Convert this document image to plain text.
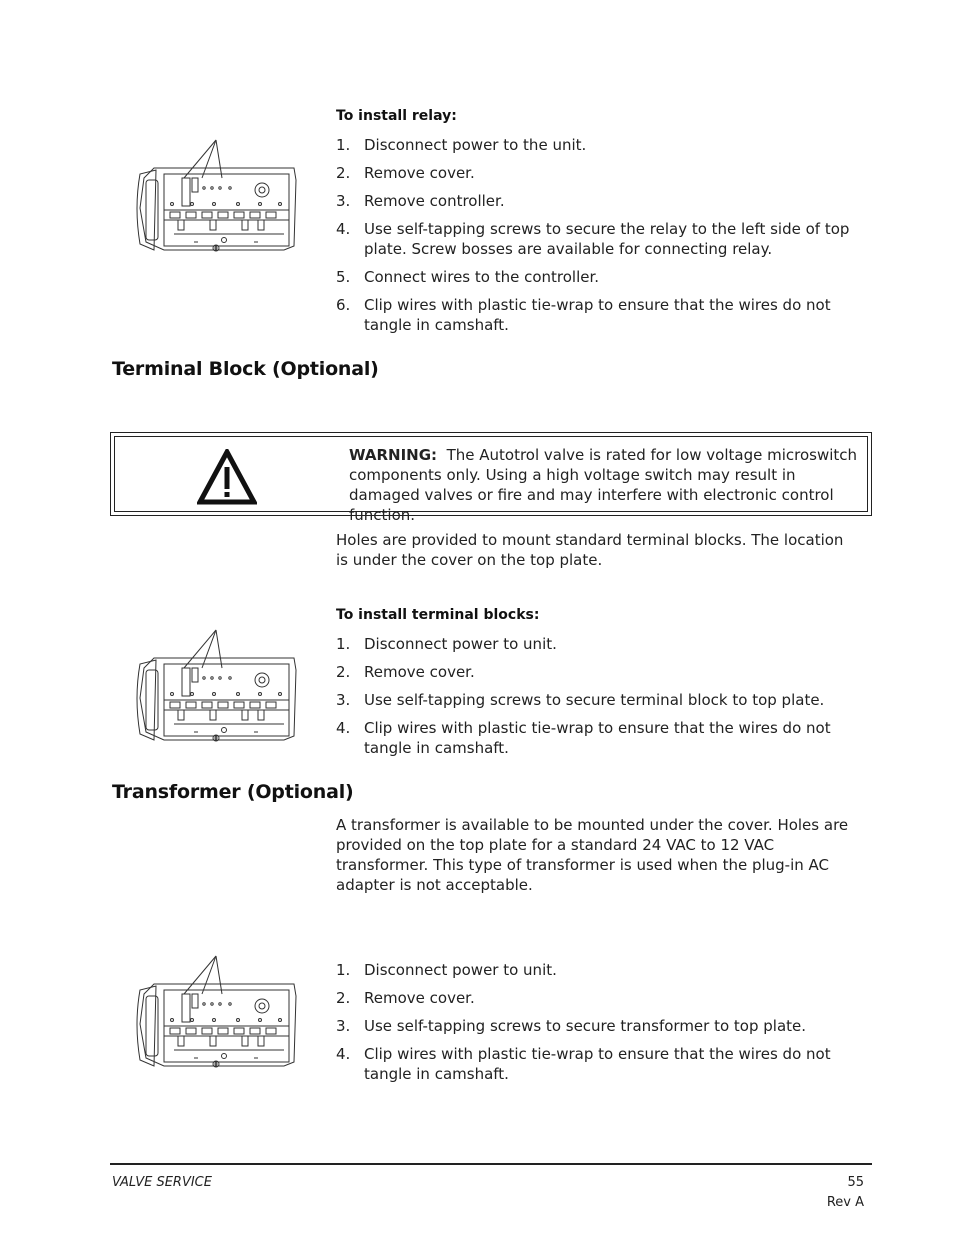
To install relay:
1. Disconnect power to the unit.
2. Remove cover.
3. Remove controller.
4. Use self-tapping screws to secure the relay to the left side of top plate. Screw bosses are available for connecting relay.
5. Connect wires to the controller.
6. Clip wires with plastic tie-wrap to ensure that the wires do not tangle in camshaft.
Terminal Block (Optional)
WARNING: The Autotrol valve is rated for low voltage microswitch components only. Using a high voltage switch may result in damaged valves or fire and may interfere with electronic control function.
Holes are provided to mount standard terminal blocks. The location is under the cover on the top plate.
To install terminal blocks:
1. Disconnect power to unit.
2. Remove cover.
3. Use self-tapping screws to secure terminal block to top plate.
4. Clip wires with plastic tie-wrap to ensure that the wires do not tangle in camshaft.
Transformer (Optional)
A transformer is available to be mounted under the cover. Holes are provided on the top plate for a standard 24 VAC to 12 VAC transformer. This type of transformer is used when the plug-in AC adapter is not acceptable.
1. Disconnect power to unit.
2. Remove cover.
3. Use self-tapping screws to secure transformer to top plate.
4. Clip wires with plastic tie-wrap to ensure that the wires do not tangle in camshaft.
VALVE SERVICE	55
Rev A
